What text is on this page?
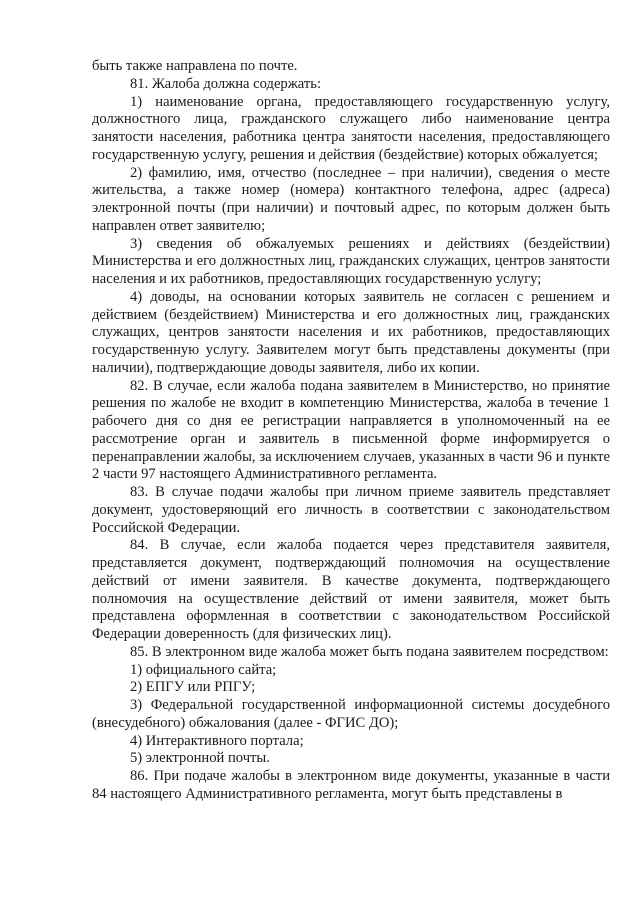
быть также направлена по почте.

81. Жалоба должна содержать:

1) наименование органа, предоставляющего государственную услугу, должностного лица, гражданского служащего либо наименование центра занятости населения, работника центра занятости населения, предоставляющего государственную услугу, решения и действия (бездействие) которых обжалуется;

2) фамилию, имя, отчество (последнее – при наличии), сведения о месте жительства, а также номер (номера) контактного телефона, адрес (адреса) электронной почты (при наличии) и почтовый адрес, по которым должен быть направлен ответ заявителю;

3) сведения об обжалуемых решениях и действиях (бездействии) Министерства и его должностных лиц, гражданских служащих, центров занятости населения и их работников, предоставляющих государственную услугу;

4) доводы, на основании которых заявитель не согласен с решением и действием (бездействием) Министерства и его должностных лиц, гражданских служащих, центров занятости населения и их работников, предоставляющих государственную услугу. Заявителем могут быть представлены документы (при наличии), подтверждающие доводы заявителя, либо их копии.

82. В случае, если жалоба подана заявителем в Министерство, но принятие решения по жалобе не входит в компетенцию Министерства, жалоба в течение 1 рабочего дня со дня ее регистрации направляется в уполномоченный на ее рассмотрение орган и заявитель в письменной форме информируется о перенаправлении жалобы, за исключением случаев, указанных в части 96 и пункте 2 части 97 настоящего Административного регламента.

83. В случае подачи жалобы при личном приеме заявитель представляет документ, удостоверяющий его личность в соответствии с законодательством Российской Федерации.

84. В случае, если жалоба подается через представителя заявителя, представляется документ, подтверждающий полномочия на осуществление действий от имени заявителя. В качестве документа, подтверждающего полномочия на осуществление действий от имени заявителя, может быть представлена оформленная в соответствии с законодательством Российской Федерации доверенность (для физических лиц).

85. В электронном виде жалоба может быть подана заявителем посредством:

1) официального сайта;

2) ЕПГУ или РПГУ;

3) Федеральной государственной информационной системы досудебного (внесудебного) обжалования (далее - ФГИС ДО);

4) Интерактивного портала;

5) электронной почты.

86. При подаче жалобы в электронном виде документы, указанные в части 84 настоящего Административного регламента, могут быть представлены в
